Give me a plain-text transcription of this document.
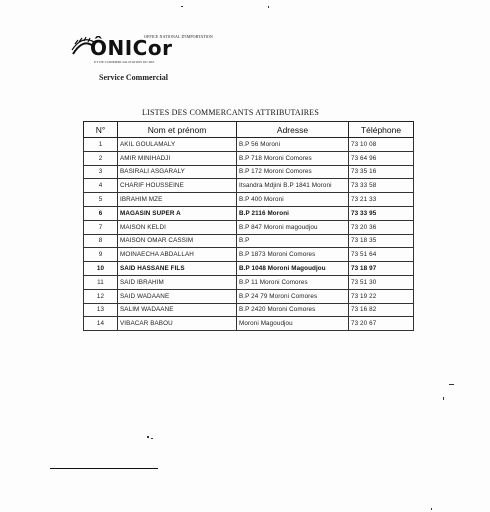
OFFICE NATIONAL D'IMPORTATION
ÔNICor
ET DE COMMERCIALISATION DU RIZ
Service Commercial
LISTES DES COMMERCANTS ATTRIBUTAIRES
N°	Nom et prénom	Adresse	Téléphone
1	AKIL GOULAMALY	B.P 56 Moroni	73 10 08
2	AMIR MINIHADJI	B.P 718 Moroni Comores	73 64 96
3	BASIRALI ASGARALY	B.P 172 Moroni Comores	73 35 16
4	CHARIF HOUSSEINE	Itsandra Mdjini B.P 1841 Moroni	73 33 58
5	IBRAHIM MZE	B.P 400 Moroni	73 21 33
6	MAGASIN SUPER A	B.P 2116 Moroni	73 33 95
7	MAISON KELDI	B.P 847 Moroni magoudjou	73 20 36
8	MAISON OMAR CASSIM	B.P	73 18 35
9	MOINAECHA ABDALLAH	B.P 1873 Moroni Comores	73 51 64
10	SAID HASSANE FILS	B.P 1048 Moroni Magoudjou	73 18 97
11	SAID IBRAHIM	B.P 11 Moroni Comores	73 51 30
12	SAID WADAANE	B.P 24 79 Moroni Comores	73 19 22
13	SALIM WADAANE	B.P 2420 Moroni Comores	73 16 82
14	VIBACAR BABOU	Moroni Magoudjou	73 20 67
